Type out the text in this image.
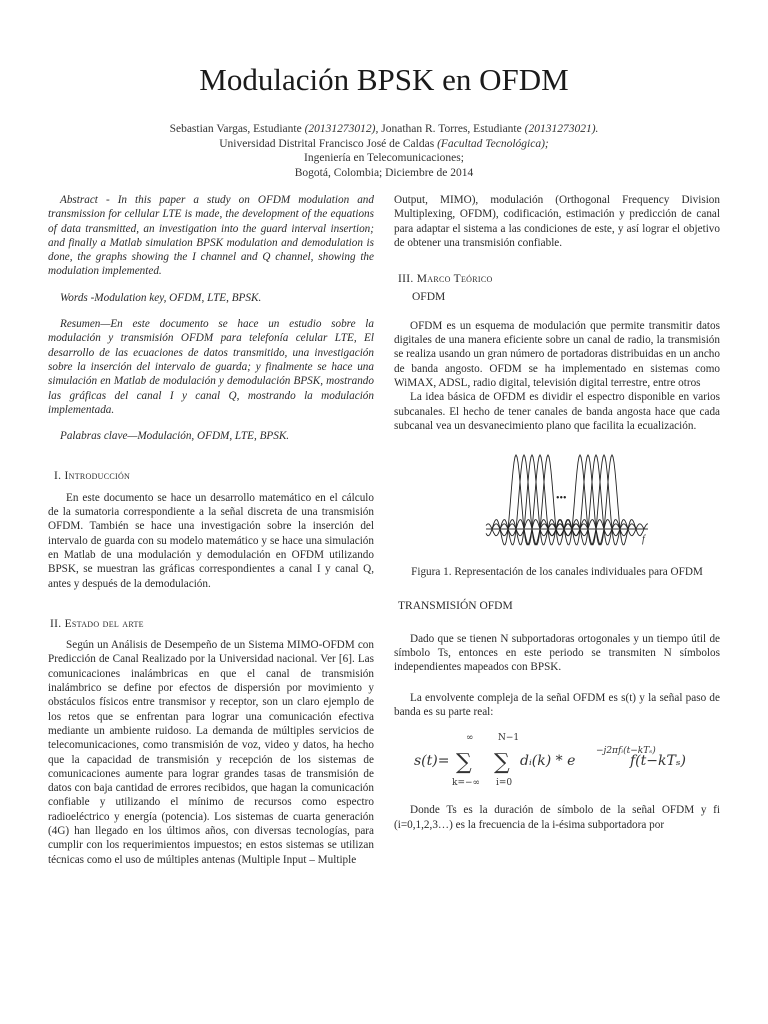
Modulación BPSK en OFDM
Sebastian Vargas, Estudiante (20131273012), Jonathan R. Torres, Estudiante (20131273021).
Universidad Distrital Francisco José de Caldas (Facultad Tecnológica);
Ingeniería en Telecomunicaciones;
Bogotá, Colombia; Diciembre de 2014

Abstract - In this paper a study on OFDM modulation and transmission for cellular LTE is made, the development of the equations of data transmitted, an investigation into the guard interval insertion; and finally a Matlab simulation BPSK modulation and demodulation is done, the graphs showing the I channel and Q channel, showing the modulation implemented.

Words -Modulation key, OFDM, LTE, BPSK.

Resumen—En este documento se hace un estudio sobre la modulación y transmisión OFDM para telefonía celular LTE, El desarrollo de las ecuaciones de datos transmitido, una investigación sobre la inserción del intervalo de guarda; y finalmente se hace una simulación en Matlab de modulación y demodulación BPSK, mostrando las gráficas del canal I y canal Q, mostrando la modulación implementada.

Palabras clave—Modulación, OFDM, LTE, BPSK.

I. Introducción

En este documento se hace un desarrollo matemático en el cálculo de la sumatoria correspondiente a la señal discreta de una transmisión OFDM. También se hace una investigación sobre la inserción del intervalo de guarda con su modelo matemático y se hace una simulación en Matlab de una modulación y demodulación en OFDM utilizando BPSK, se muestran las gráficas correspondientes a canal I y canal Q, antes y después de la demodulación.

II. Estado del arte

Según un Análisis de Desempeño de un Sistema MIMO-OFDM con Predicción de Canal Realizado por la Universidad nacional. Ver [6]. Las comunicaciones inalámbricas en que el canal de transmisión inalámbrico se define por efectos de dispersión por movimiento y obstáculos físicos entre transmisor y receptor, son un claro ejemplo de los retos que se enfrentan para lograr una comunicación efectiva mediante un ambiente ruidoso. La demanda de múltiples servicios de telecomunicaciones, como transmisión de voz, video y datos, ha hecho que la capacidad de transmisión y recepción de los sistemas de comunicaciones aumente para lograr grandes tasas de transmisión de datos con baja cantidad de errores recibidos, que hagan la comunicación confiable y utilizando el mínimo de recursos como espectro radioeléctrico y energía (potencia). Los sistemas de cuarta generación (4G) han llegado en los últimos años, con diversas tecnologías, para cumplir con los requerimientos impuestos; en estos sistemas se utilizan técnicas como el uso de múltiples antenas (Multiple Input – Multiple

Output, MIMO), modulación (Orthogonal Frequency Division Multiplexing, OFDM), codificación, estimación y predicción de canal para adaptar el sistema a las condiciones de este, y así lograr el objetivo de obtener una transmisión confiable.

III. Marco Teórico
OFDM

OFDM es un esquema de modulación que permite transmitir datos digitales de una manera eficiente sobre un canal de radio, la transmisión se realiza usando un gran número de portadoras distribuidas en un ancho de banda angosto. OFDM se ha implementado en sistemas como WiMAX, ADSL, radio digital, televisión digital terrestre, entre otros

La idea básica de OFDM es dividir el espectro disponible en varios subcanales. El hecho de tener canales de banda angosta hace que cada subcanal vea un desvanecimiento plano que facilita la ecualización.

•••
f

Figura 1. Representación de los canales individuales para OFDM

TRANSMISIÓN OFDM

Dado que se tienen N subportadoras ortogonales y un tiempo útil de símbolo Ts, entonces en este periodo se transmiten N símbolos independientes mapeados con BPSK.

La envolvente compleja de la señal OFDM es s(t) y la señal paso de banda es su parte real:

s(t)=
∞
∑
k=−∞
N−1
∑
i=0
dᵢ(k) * e
−j2πfᵢ(t−kTₛ)
f(t−kTₛ)

Donde Ts es la duración de símbolo de la señal OFDM y fi (i=0,1,2,3…) es la frecuencia de la i-ésima subportadora por
